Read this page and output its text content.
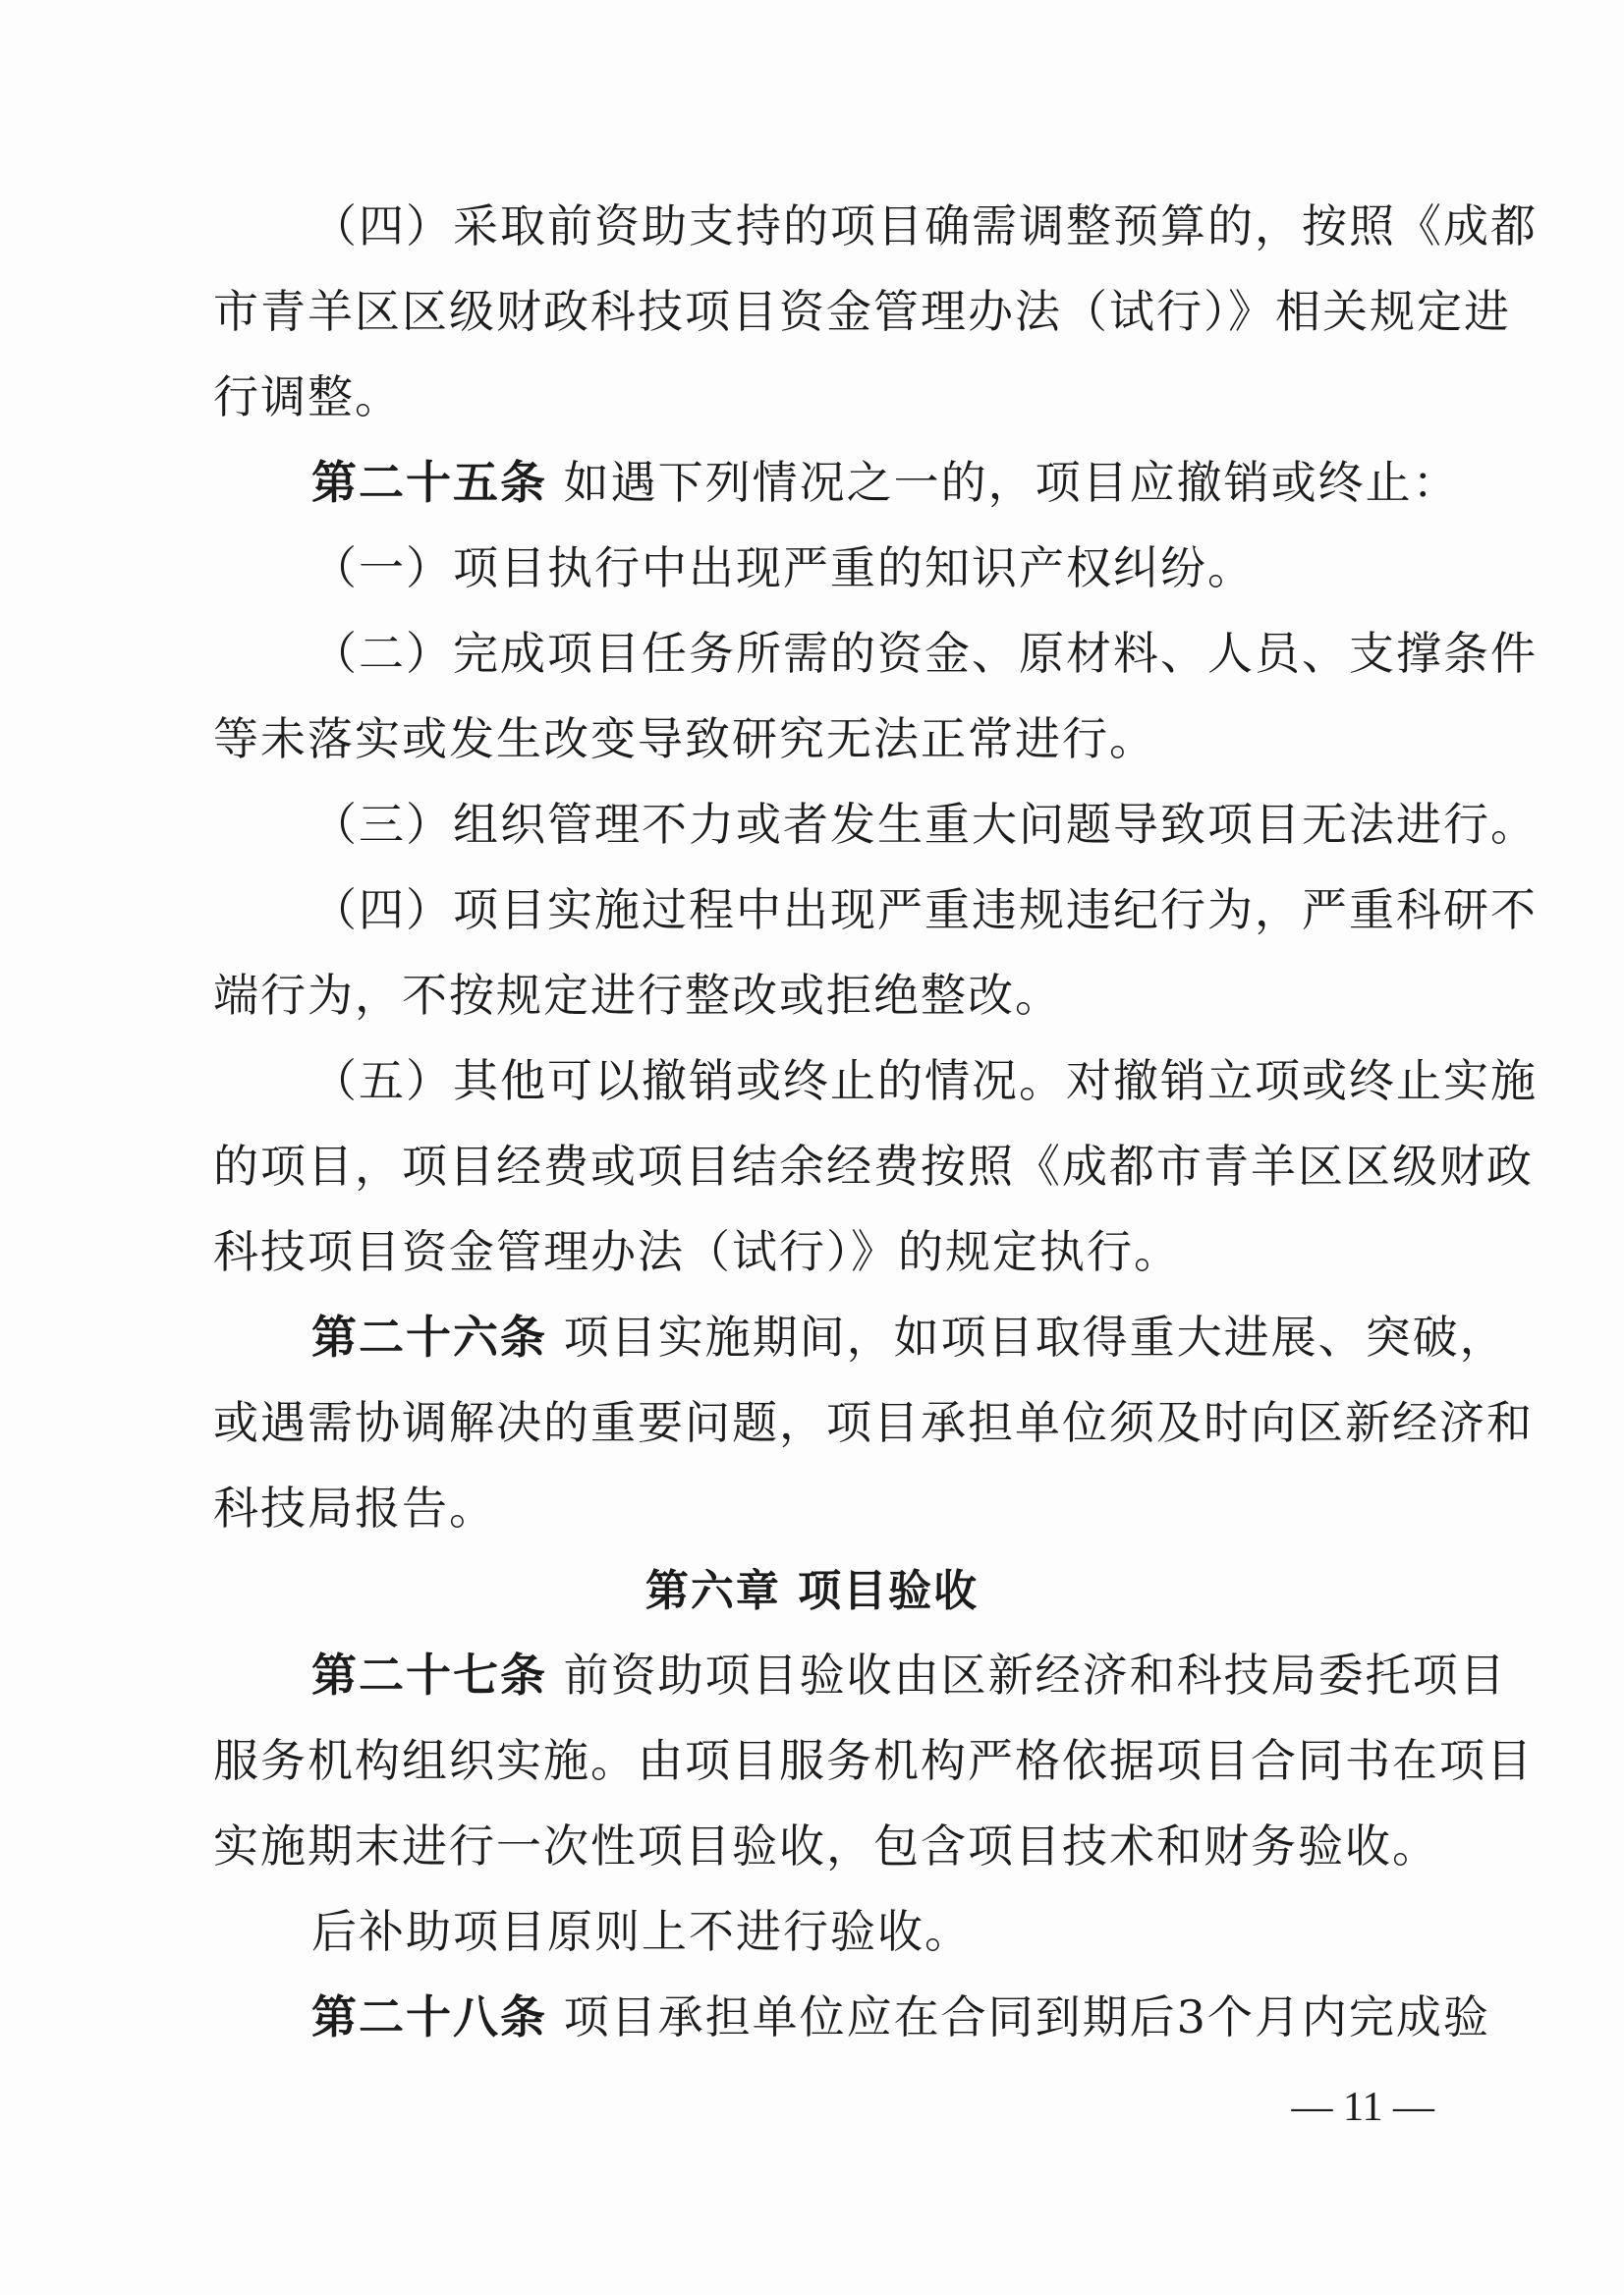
（四）采取前资助支持的项目确需调整预算的，按照《成都
市青羊区区级财政科技项目资金管理办法（试行）》相关规定进
行调整。
第二十五条 如遇下列情况之一的，项目应撤销或终止：
（一）项目执行中出现严重的知识产权纠纷。
（二）完成项目任务所需的资金、原材料、人员、支撑条件
等未落实或发生改变导致研究无法正常进行。
（三）组织管理不力或者发生重大问题导致项目无法进行。
（四）项目实施过程中出现严重违规违纪行为，严重科研不
端行为，不按规定进行整改或拒绝整改。
（五）其他可以撤销或终止的情况。对撤销立项或终止实施
的项目，项目经费或项目结余经费按照《成都市青羊区区级财政
科技项目资金管理办法（试行）》的规定执行。
第二十六条 项目实施期间，如项目取得重大进展、突破，
或遇需协调解决的重要问题，项目承担单位须及时向区新经济和
科技局报告。
第六章 项目验收
第二十七条 前资助项目验收由区新经济和科技局委托项目
服务机构组织实施。由项目服务机构严格依据项目合同书在项目
实施期末进行一次性项目验收，包含项目技术和财务验收。
后补助项目原则上不进行验收。
第二十八条 项目承担单位应在合同到期后3个月内完成验
— 11 —
